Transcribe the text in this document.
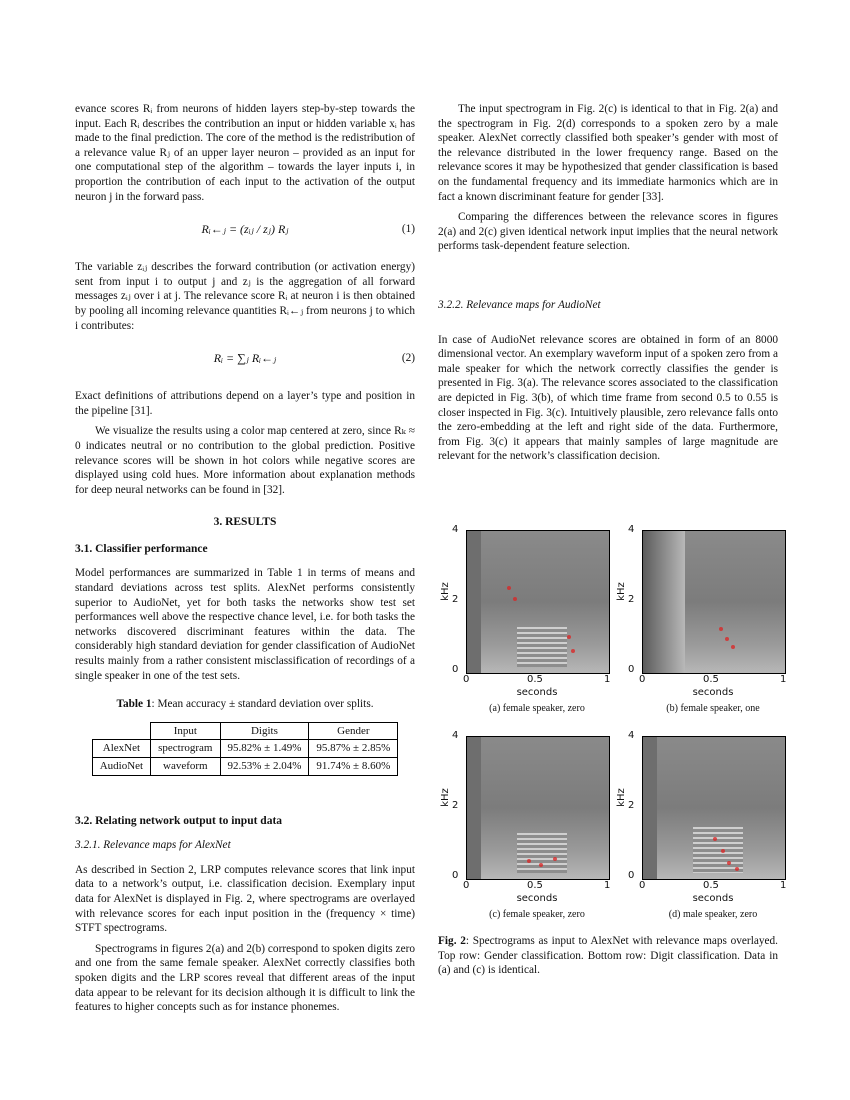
evance scores Rᵢ from neurons of hidden layers step-by-step towards the input. Each Rᵢ describes the contribution an input or hidden variable xᵢ has made to the final prediction. The core of the method is the redistribution of a relevance value Rⱼ of an upper layer neuron – provided as an input for one computational step of the algorithm – towards the layer inputs i, in proportion the contribution of each input to the activation of the output neuron j in the forward pass.

Rᵢ←ⱼ = (zᵢⱼ / zⱼ) Rⱼ	(1)

The variable zᵢⱼ describes the forward contribution (or activation energy) sent from input i to output j and zⱼ is the aggregation of all forward messages zᵢⱼ over i at j. The relevance score Rᵢ at neuron i is then obtained by pooling all incoming relevance quantities Rᵢ←ⱼ from neurons j to which i contributes:

Rᵢ = ∑ⱼ Rᵢ←ⱼ	(2)

Exact definitions of attributions depend on a layer’s type and position in the pipeline [31].

We visualize the results using a color map centered at zero, since Rₖ ≈ 0 indicates neutral or no contribution to the global prediction. Positive relevance scores will be shown in hot colors while negative scores are displayed using cold hues. More information about explanation methods for deep neural networks can be found in [32].

3. RESULTS
3.1. Classifier performance

Model performances are summarized in Table 1 in terms of means and standard deviations across test splits. AlexNet performs consistently superior to AudioNet, yet for both tasks the networks show test set performances well above the respective chance level, i.e. for both tasks the networks discovered discriminant features within the data. The considerably high standard deviation for gender classification of AudioNet results mainly from a rather consistent misclassification of recordings of a single speaker in one of the test sets.

Table 1: Mean accuracy ± standard deviation over splits.
	Input	Digits	Gender
AlexNet	spectrogram	95.82% ± 1.49%	95.87% ± 2.85%
AudioNet	waveform	92.53% ± 2.04%	91.74% ± 8.60%
3.2. Relating network output to input data
3.2.1. Relevance maps for AlexNet

As described in Section 2, LRP computes relevance scores that link input data to a network’s output, i.e. classification decision. Exemplary input data for AlexNet is displayed in Fig. 2, where spectrograms are overlayed with relevance scores for each input position in the (frequency × time) STFT spectrograms.

Spectrograms in figures 2(a) and 2(b) correspond to spoken digits zero and one from the same female speaker. AlexNet correctly classifies both spoken digits and the LRP scores reveal that different areas of the input data appear to be relevant for its decision although it is difficult to link the features to higher concepts such as for instance phonemes.

The input spectrogram in Fig. 2(c) is identical to that in Fig. 2(a) and the spectrogram in Fig. 2(d) corresponds to a spoken zero by a male speaker. AlexNet correctly classified both speaker’s gender with most of the relevance distributed in the lower frequency range. Based on the relevance scores it may be hypothesized that gender classification is based on the fundamental frequency and its immediate harmonics which are in fact a known discriminant feature for gender [33].

Comparing the differences between the relevance scores in figures 2(a) and 2(c) given identical network input implies that the neural network performs task-dependent feature selection.

3.2.2. Relevance maps for AudioNet

In case of AudioNet relevance scores are obtained in form of an 8000 dimensional vector. An exemplary waveform input of a spoken zero from a male speaker for which the network correctly classifies the gender is presented in Fig. 3(a). The relevance scores associated to the classification are depicted in Fig. 3(b), of which time frame from second 0.5 to 0.55 is closer inspected in Fig. 3(c). Intuitively plausible, zero relevance falls onto the zero-embedding at the left and right side of the data. Furthermore, from Fig. 3(c) it appears that mainly samples of large magnitude are relevant for the network’s classification decision.

4
2
0
kHz
0	0.5	1
seconds
(a) female speaker, zero
4
2
0
kHz
0	0.5	1
seconds
(b) female speaker, one
4
2
0
kHz
0	0.5	1
seconds
(c) female speaker, zero
4
2
0
kHz
0	0.5	1
seconds
(d) male speaker, zero
Fig. 2: Spectrograms as input to AlexNet with relevance maps overlayed. Top row: Gender classification. Bottom row: Digit classification. Data in (a) and (c) is identical.
